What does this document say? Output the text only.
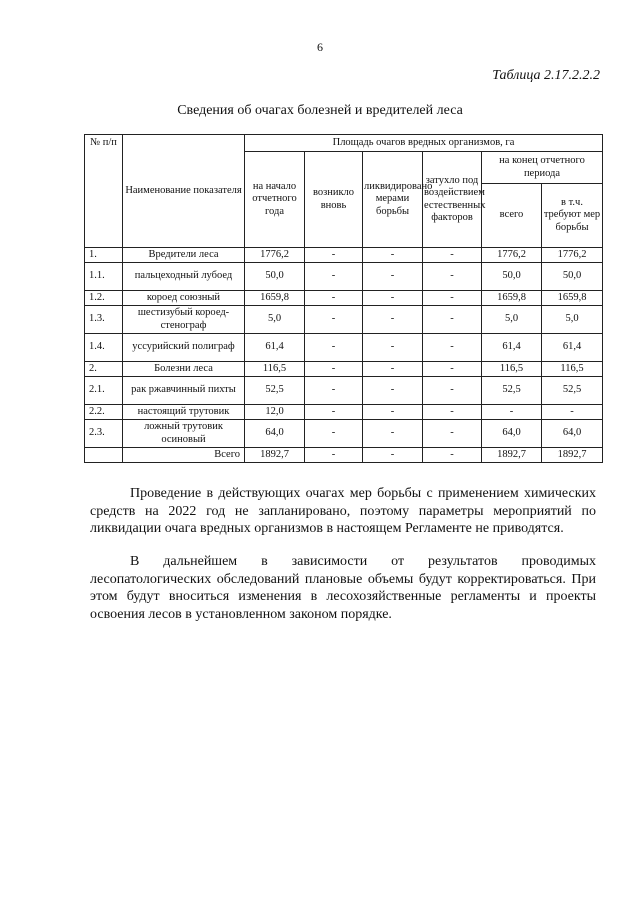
6
Таблица 2.17.2.2.2
Сведения об очагах болезней и вредителей леса
№ п/п	Наименование показателя	Площадь очагов вредных организмов, га					
		на начало отчетного года	возникло вновь	ликвидировано мерами борьбы	затухло под воздействием естественных факторов	на конец отчетного периода	
						всего	в т.ч. требуют мер борьбы
1.	Вредители леса	1776,2	-	-	-	1776,2	1776,2
1.1.	пальцеходный лубоед	50,0	-	-	-	50,0	50,0
1.2.	короед союзный	1659,8	-	-	-	1659,8	1659,8
1.3.	шестизубый короед-стенограф	5,0	-	-	-	5,0	5,0
1.4.	уссурийский полиграф	61,4	-	-	-	61,4	61,4
2.	Болезни леса	116,5	-	-	-	116,5	116,5
2.1.	рак ржавчинный пихты	52,5	-	-	-	52,5	52,5
2.2.	настоящий трутовик	12,0	-	-	-	-	-
2.3.	ложный трутовик осиновый	64,0	-	-	-	64,0	64,0
	Всего	1892,7	-	-	-	1892,7	1892,7

Проведение в действующих очагах мер борьбы с применением химических средств на 2022 год не запланировано, поэтому параметры мероприятий по ликвидации очага вредных организмов в настоящем Регламенте не приводятся.

В дальнейшем в зависимости от результатов проводимых лесопатологических обследований плановые объемы будут корректироваться. При этом будут вноситься изменения в лесохозяйственные регламенты и проекты освоения лесов в установленном законом порядке.
